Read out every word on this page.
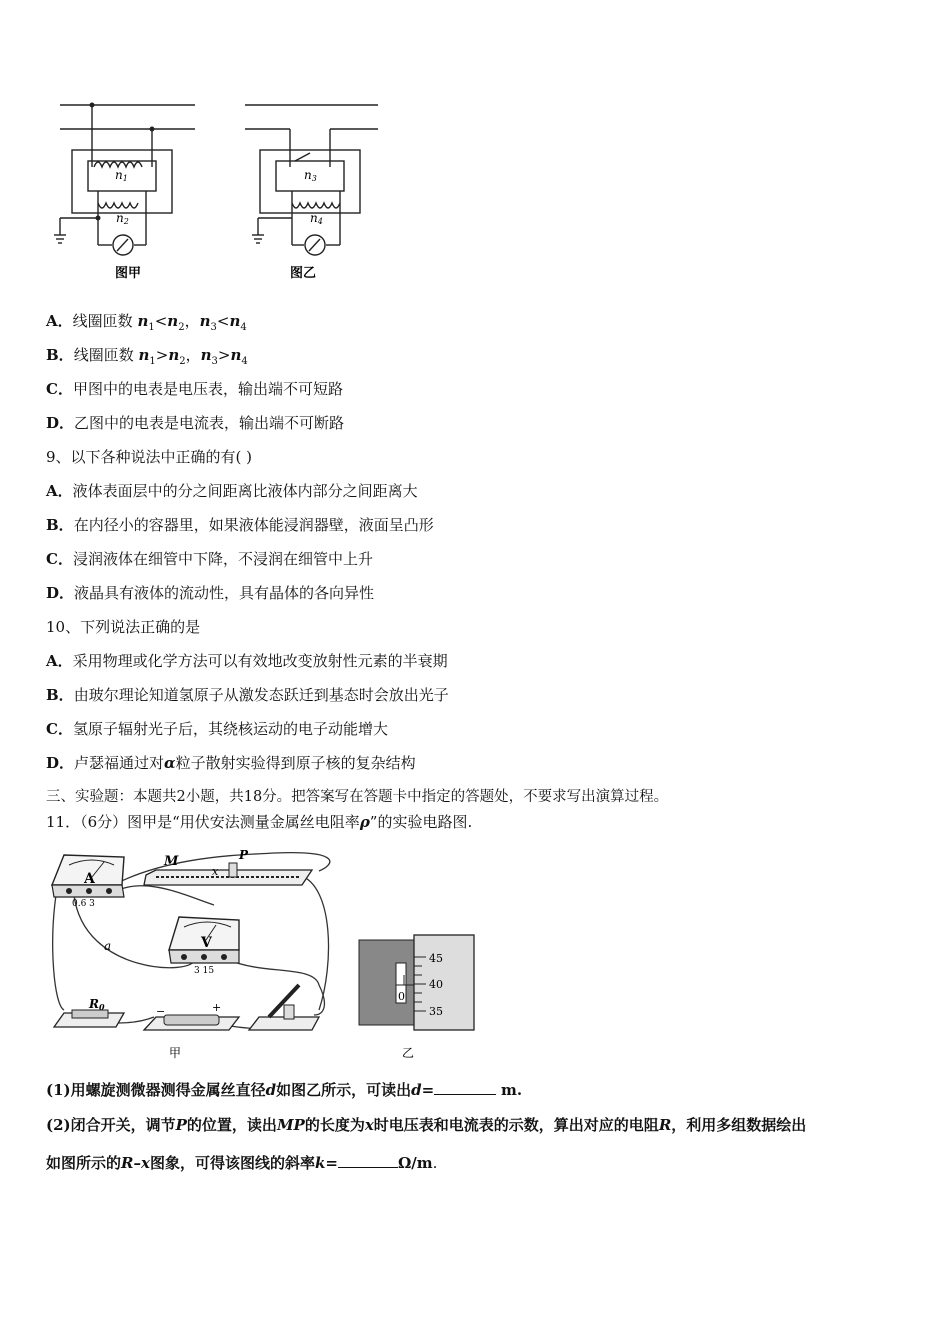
n1
n2
n3
n4
图甲	图乙
A．线圈匝数 $n_1<n_2$，$n_3<n_4$
B．线圈匝数 $n_1>n_2$，$n_3>n_4$
C．甲图中的电表是电压表，输出端不可短路
D．乙图中的电表是电流表，输出端不可断路
9、以下各种说法中正确的有( )
A．液体表面层中的分之间距离比液体内部分之间距离大
B．在内径小的容器里，如果液体能浸润器壁，液面呈凸形
C．浸润液体在细管中下降，不浸润在细管中上升
D．液晶具有液体的流动性，具有晶体的各向异性
10、下列说法正确的是
A．采用物理或化学方法可以有效地改变放射性元素的半衰期
B．由玻尔理论知道氢原子从激发态跃迁到基态时会放出光子
C．氢原子辐射光子后，其绕核运动的电子动能增大
D．卢瑟福通过对α粒子散射实验得到原子核的复杂结构
三、实验题：本题共2小题，共18分。把答案写在答题卡中指定的答题处，不要求写出演算过程。
11．（6分）图甲是“用伏安法测量金属丝电阻率ρ”的实验电路图.
A
0.6 3
M	P
x
a	V
3 15
R0	−	+
甲
45
40
35
0
乙
(1)用螺旋测微器测得金属丝直径d如图乙所示，可读出d=	m.
(2)闭合开关，调节P的位置，读出MP的长度为x时电压表和电流表的示数，算出对应的电阻R，利用多组数据绘出
如图所示的R–x图象，可得该图线的斜率k=	Ω/m.
